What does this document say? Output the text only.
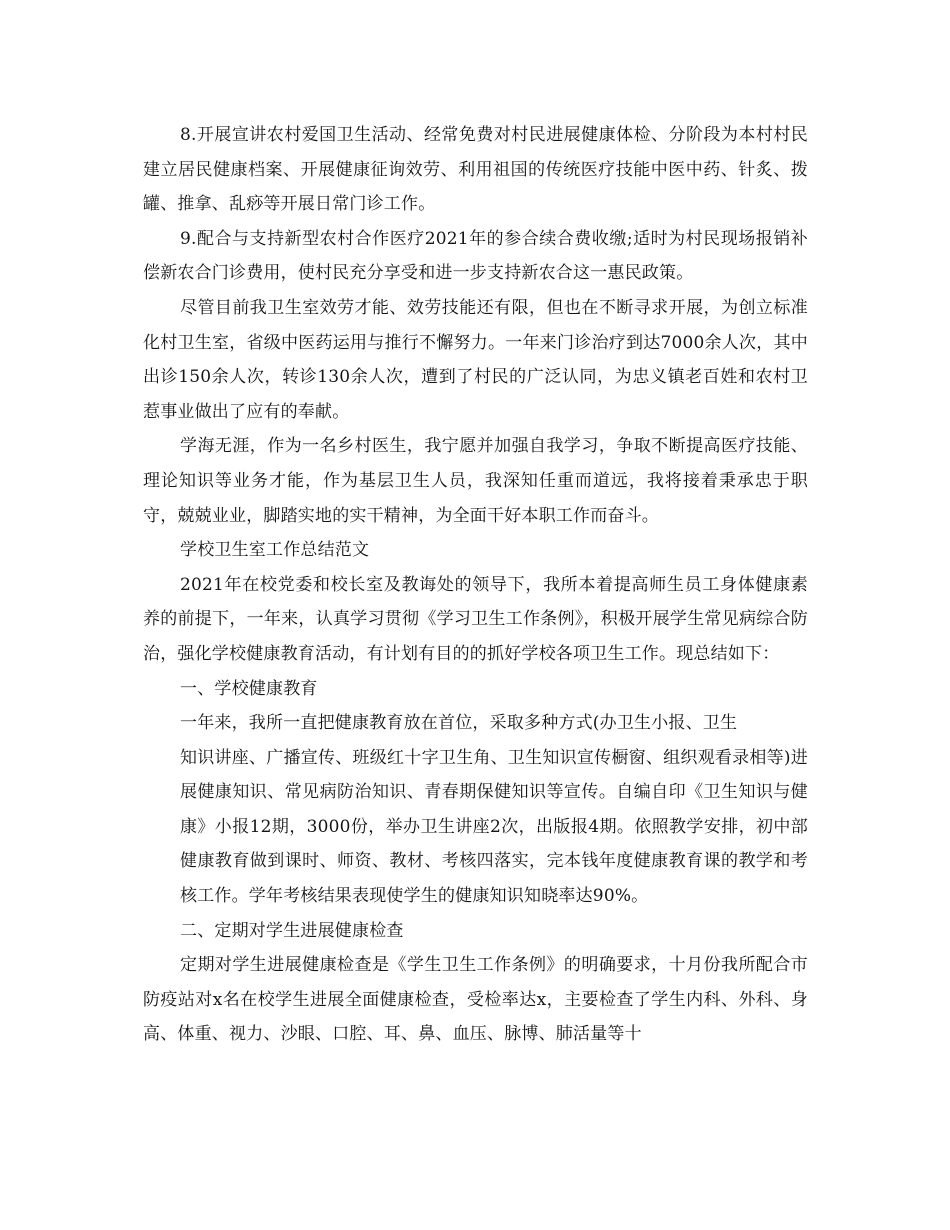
8.开展宣讲农村爱国卫生活动、经常免费对村民进展健康体检、分阶段为本村村民建立居民健康档案、开展健康征询效劳、利用祖国的传统医疗技能中医中药、针炙、拨罐、推拿、乱痧等开展日常门诊工作。

9.配合与支持新型农村合作医疗2021年的参合续合费收缴;适时为村民现场报销补偿新农合门诊费用，使村民充分享受和进一步支持新农合这一惠民政策。

尽管目前我卫生室效劳才能、效劳技能还有限，但也在不断寻求开展，为创立标准化村卫生室，省级中医药运用与推行不懈努力。一年来门诊治疗到达7000余人次，其中出诊150余人次，转诊130余人次，遭到了村民的广泛认同，为忠义镇老百姓和农村卫惹事业做出了应有的奉献。

学海无涯，作为一名乡村医生，我宁愿并加强自我学习，争取不断提高医疗技能、理论知识等业务才能，作为基层卫生人员，我深知任重而道远，我将接着秉承忠于职守，兢兢业业，脚踏实地的实干精神，为全面干好本职工作而奋斗。

学校卫生室工作总结范文

2021年在校党委和校长室及教诲处的领导下，我所本着提高师生员工身体健康素养的前提下，一年来，认真学习贯彻《学习卫生工作条例》，积极开展学生常见病综合防治，强化学校健康教育活动，有计划有目的的抓好学校各项卫生工作。现总结如下：

一、学校健康教育

一年来，我所一直把健康教育放在首位，采取多种方式(办卫生小报、卫生

知识讲座、广播宣传、班级红十字卫生角、卫生知识宣传橱窗、组织观看录相等)进展健康知识、常见病防治知识、青春期保健知识等宣传。自编自印《卫生知识与健康》小报12期，3000份，举办卫生讲座2次，出版报4期。依照教学安排，初中部健康教育做到课时、师资、教材、考核四落实，完本钱年度健康教育课的教学和考核工作。学年考核结果表现使学生的健康知识知晓率达90%。

二、定期对学生进展健康检查

定期对学生进展健康检查是《学生卫生工作条例》的明确要求，十月份我所配合市防疫站对x名在校学生进展全面健康检查，受检率达x，主要检查了学生内科、外科、身高、体重、视力、沙眼、口腔、耳、鼻、血压、脉博、肺活量等十
